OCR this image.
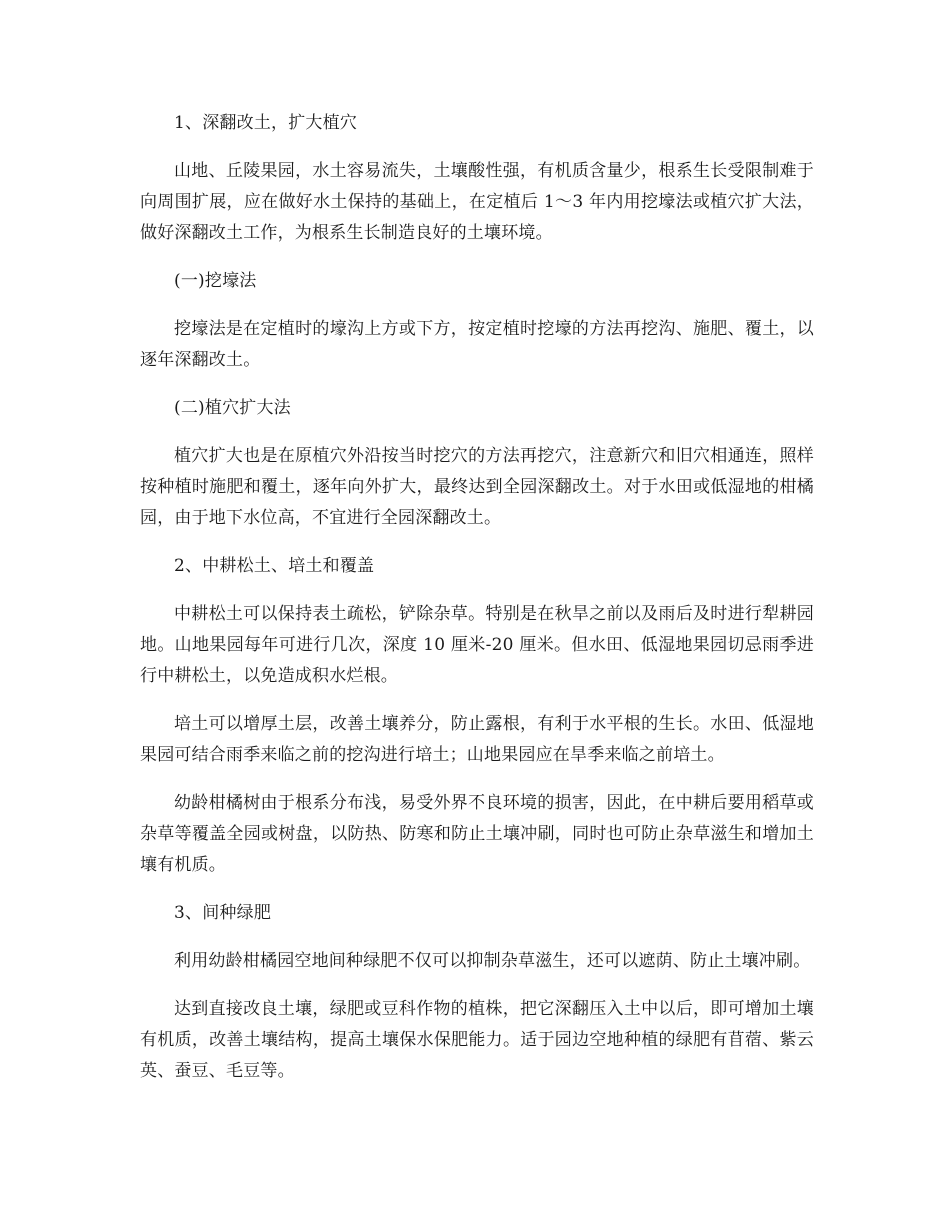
1、深翻改土，扩大植穴

山地、丘陵果园，水土容易流失，土壤酸性强，有机质含量少，根系生长受限制难于向周围扩展，应在做好水土保持的基础上，在定植后 1～3 年内用挖壕法或植穴扩大法，做好深翻改土工作，为根系生长制造良好的土壤环境。

(一)挖壕法

挖壕法是在定植时的壕沟上方或下方，按定植时挖壕的方法再挖沟、施肥、覆土，以逐年深翻改土。

(二)植穴扩大法

植穴扩大也是在原植穴外沿按当时挖穴的方法再挖穴，注意新穴和旧穴相通连，照样按种植时施肥和覆土，逐年向外扩大，最终达到全园深翻改土。对于水田或低湿地的柑橘园，由于地下水位高，不宜进行全园深翻改土。

2、中耕松土、培土和覆盖

中耕松土可以保持表土疏松，铲除杂草。特别是在秋旱之前以及雨后及时进行犁耕园地。山地果园每年可进行几次，深度 10 厘米-20 厘米。但水田、低湿地果园切忌雨季进行中耕松土，以免造成积水烂根。

培土可以增厚土层，改善土壤养分，防止露根，有利于水平根的生长。水田、低湿地果园可结合雨季来临之前的挖沟进行培土；山地果园应在旱季来临之前培土。

幼龄柑橘树由于根系分布浅，易受外界不良环境的损害，因此，在中耕后要用稻草或杂草等覆盖全园或树盘，以防热、防寒和防止土壤冲刷，同时也可防止杂草滋生和增加土壤有机质。

3、间种绿肥

利用幼龄柑橘园空地间种绿肥不仅可以抑制杂草滋生，还可以遮荫、防止土壤冲刷。

达到直接改良土壤，绿肥或豆科作物的植株，把它深翻压入土中以后，即可增加土壤有机质，改善土壤结构，提高土壤保水保肥能力。适于园边空地种植的绿肥有苜蓿、紫云英、蚕豆、毛豆等。
